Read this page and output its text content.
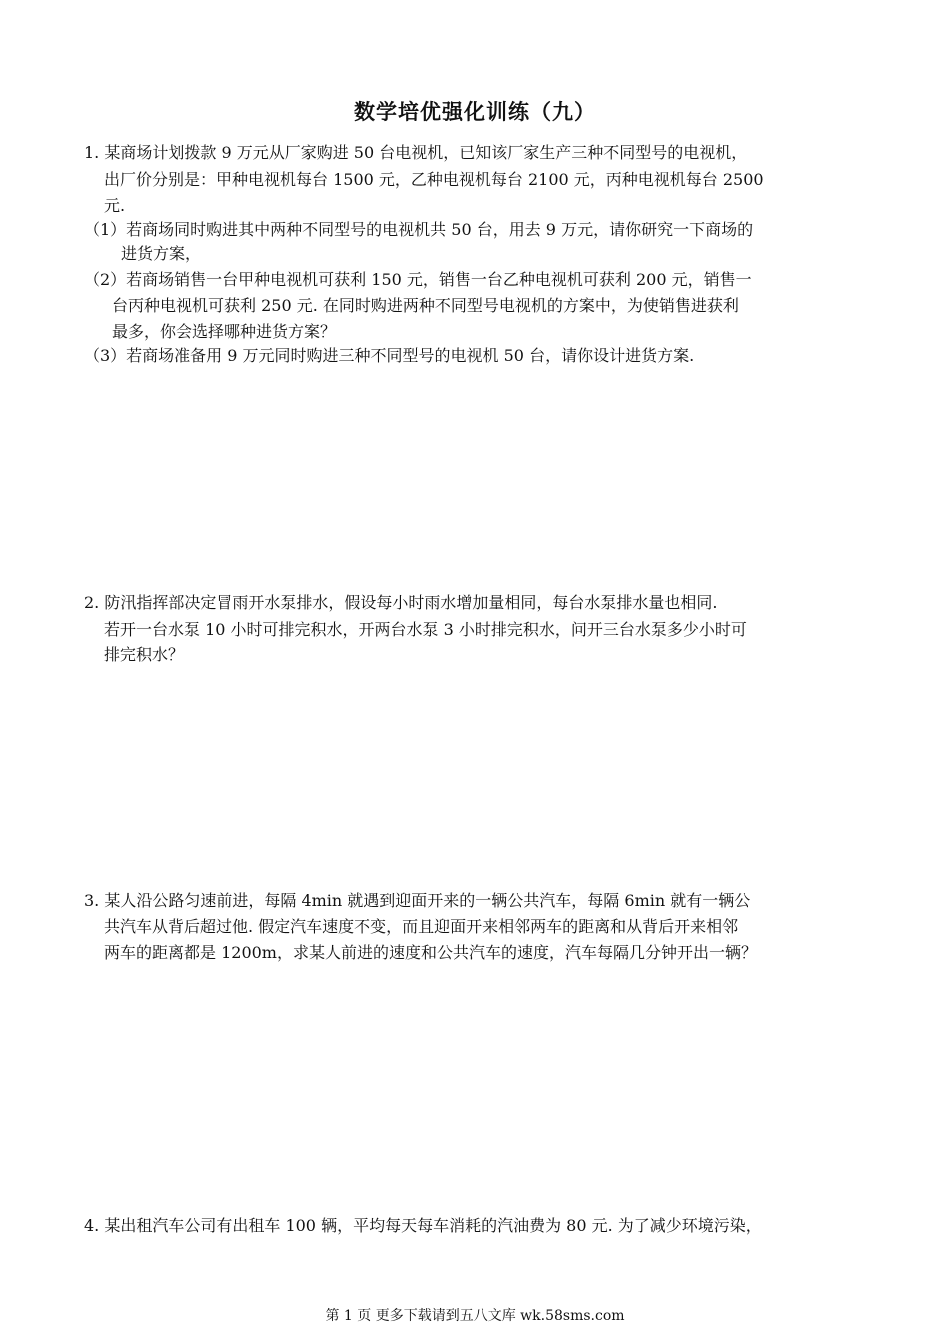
数学培优强化训练（九）
1. 某商场计划拨款 9 万元从厂家购进 50 台电视机，已知该厂家生产三种不同型号的电视机，
出厂价分别是：甲种电视机每台 1500 元，乙种电视机每台 2100 元，丙种电视机每台 2500
元.
（1）若商场同时购进其中两种不同型号的电视机共 50 台，用去 9 万元，请你研究一下商场的
进货方案，
（2）若商场销售一台甲种电视机可获利 150 元，销售一台乙种电视机可获利 200 元，销售一
台丙种电视机可获利 250 元. 在同时购进两种不同型号电视机的方案中，为使销售进获利
最多，你会选择哪种进货方案？
（3）若商场准备用 9 万元同时购进三种不同型号的电视机 50 台，请你设计进货方案.
2. 防汛指挥部决定冒雨开水泵排水，假设每小时雨水增加量相同，每台水泵排水量也相同.
若开一台水泵 10 小时可排完积水，开两台水泵 3 小时排完积水，问开三台水泵多少小时可
排完积水？
3. 某人沿公路匀速前进，每隔 4min 就遇到迎面开来的一辆公共汽车，每隔 6min 就有一辆公
共汽车从背后超过他. 假定汽车速度不变，而且迎面开来相邻两车的距离和从背后开来相邻
两车的距离都是 1200m，求某人前进的速度和公共汽车的速度，汽车每隔几分钟开出一辆？
4. 某出租汽车公司有出租车 100 辆，平均每天每车消耗的汽油费为 80 元. 为了减少环境污染，
第 1 页 更多下载请到五八文库 wk.58sms.com
